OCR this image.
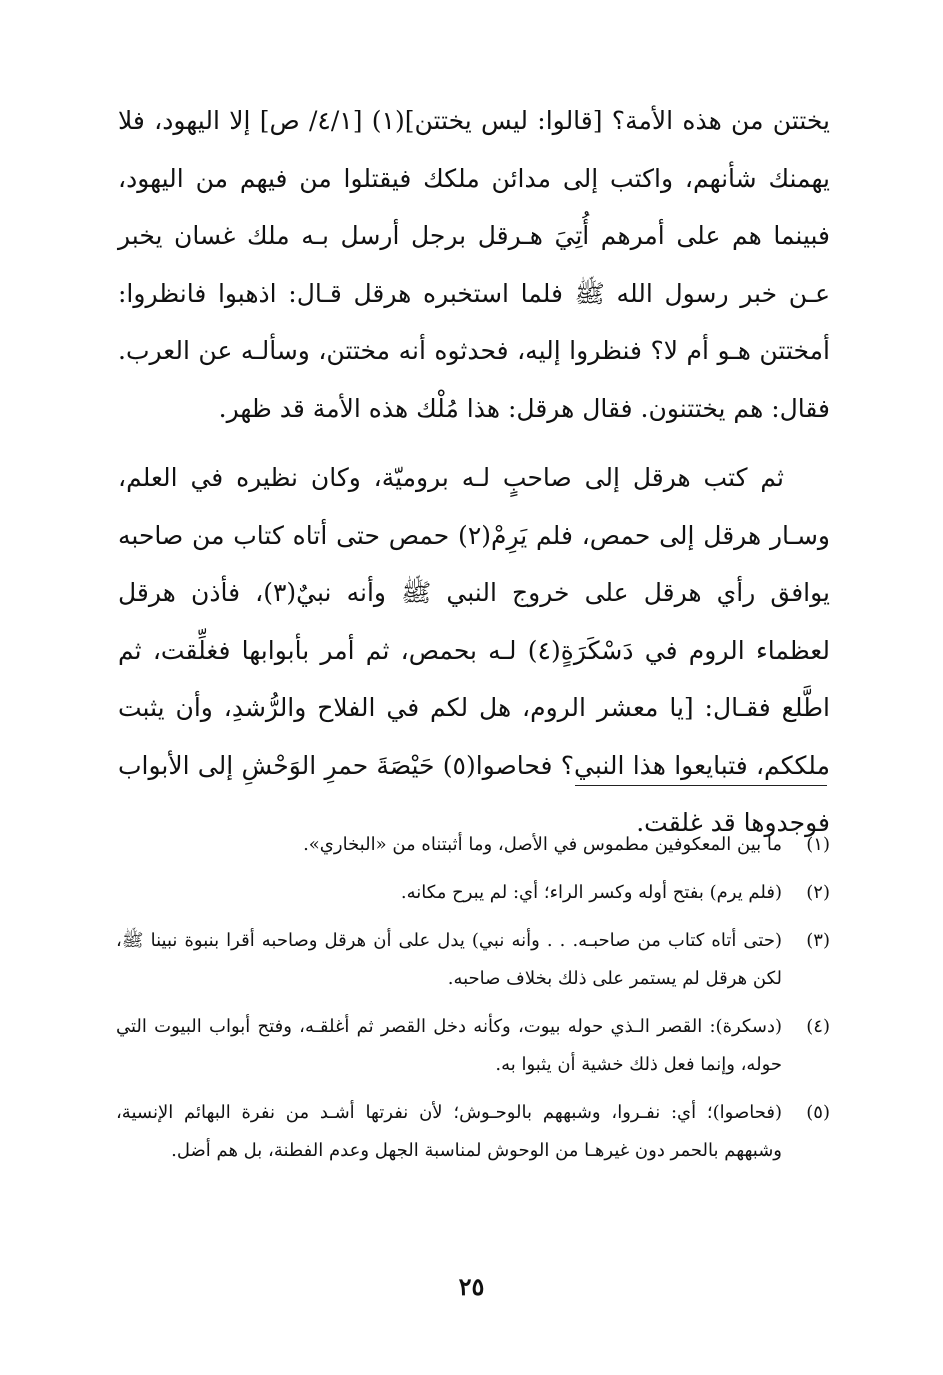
يختتن من هذه الأمة؟ [قالوا: ليس يختتن](١) [٤/١/ ص] إلا اليهود، فلا يهمنك شأنهم، واكتب إلى مدائن ملكك فيقتلوا من فيهم من اليهود، فبينما هم على أمرهم أُتِيَ هـرقل برجل أرسل بـه ملك غسان يخبر عـن خبر رسول الله ﷺ فلما استخبره هرقل قـال: اذهبوا فانظروا: أمختتن هـو أم لا؟ فنظروا إليه، فحدثوه أنه مختتن، وسألـه عن العرب. فقال: هم يختتنون. فقال هرقل: هذا مُلْك هذه الأمة قد ظهر.

ثم كتب هرقل إلى صاحبٍ لـه بروميّة، وكان نظيره في العلم، وسـار هرقل إلى حمص، فلم يَرِمْ(٢) حمص حتى أتاه كتاب من صاحبه يوافق رأي هرقل على خروج النبي ﷺ وأنه نبيٌ(٣)، فأذن هرقل لعظماء الروم في دَسْكَرَةٍ(٤) لـه بحمص، ثم أمر بأبوابها فغلِّقت، ثم اطَّلع فقـال: [يا معشر الروم، هل لكم في الفلاح والرُّشدِ، وأن يثبت ملككم، فتبايعوا هذا النبي؟ فحاصوا(٥) حَيْصَةَ حمرِ الوَحْشِ إلى الأبواب فوجدوها قد غلقت.

(١)
ما بين المعكوفين مطموس في الأصل، وما أثبتناه من «البخاري».
(٢)
(فلم يرم) بفتح أوله وكسر الراء؛ أي: لم يبرح مكانه.
(٣)
(حتى أتاه كتاب من صاحبـه. . . وأنه نبي) يدل على أن هرقل وصاحبه أقرا بنبوة نبينا ﷺ، لكن هرقل لم يستمر على ذلك بخلاف صاحبه.
(٤)
(دسكرة): القصر الـذي حوله بيوت، وكأنه دخل القصر ثم أغلقـه، وفتح أبواب البيوت التي حوله، وإنما فعل ذلك خشية أن يثبوا به.
(٥)
(فحاصوا)؛ أي: نفـروا، وشبههم بالوحـوش؛ لأن نفرتها أشـد من نفرة البهائم الإنسية، وشبههم بالحمر دون غيرهـا من الوحوش لمناسبة الجهل وعدم الفطنة، بل هم أضل.
٢٥
